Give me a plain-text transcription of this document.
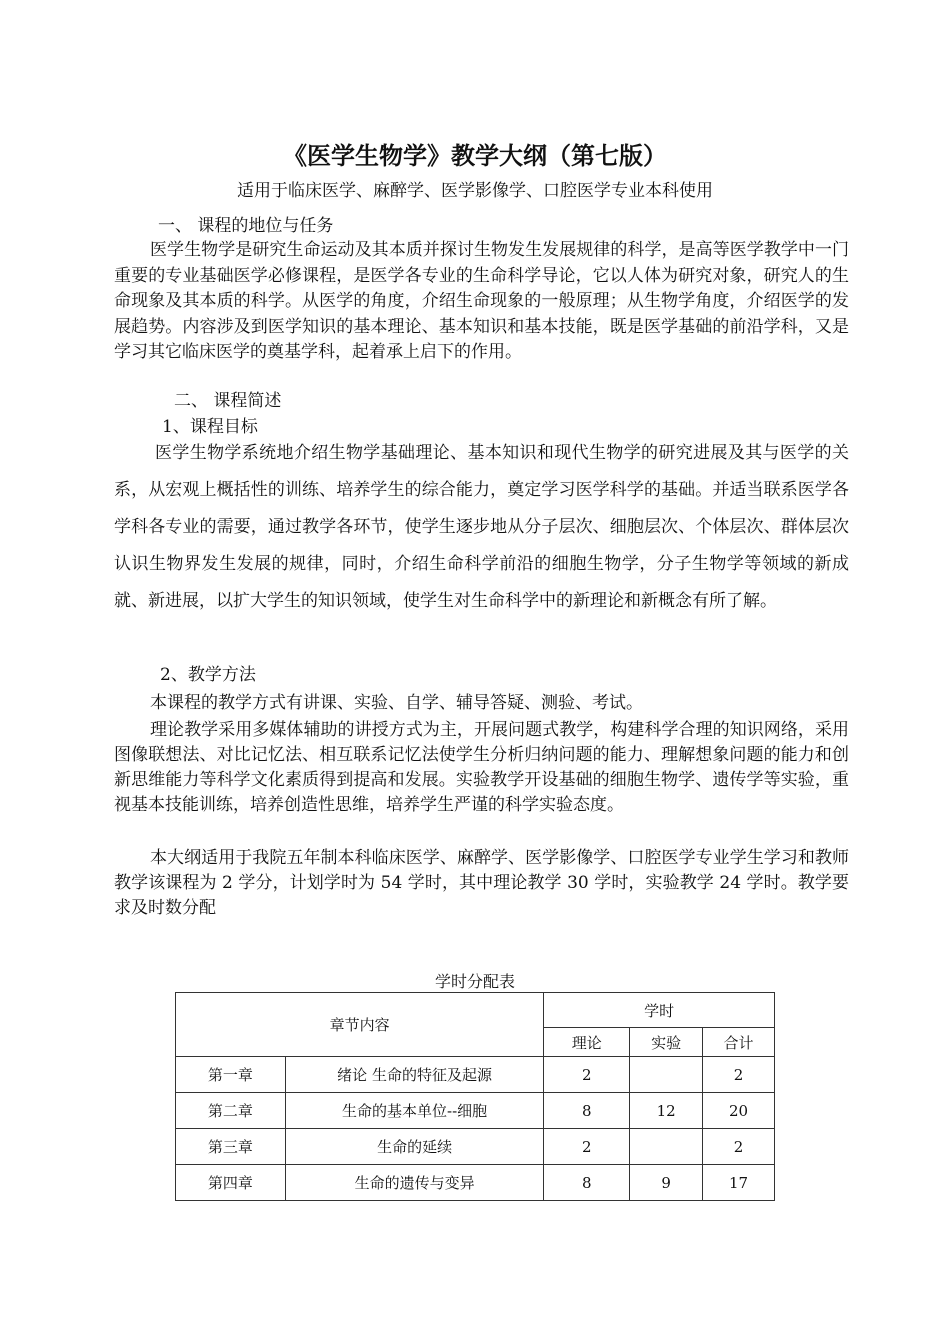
《医学生物学》教学大纲（第七版）
适用于临床医学、麻醉学、医学影像学、口腔医学专业本科使用
一、 课程的地位与任务

医学生物学是研究生命运动及其本质并探讨生物发生发展规律的科学，是高等医学教学中一门重要的专业基础医学必修课程，是医学各专业的生命科学导论，它以人体为研究对象，研究人的生命现象及其本质的科学。从医学的角度，介绍生命现象的一般原理；从生物学角度，介绍医学的发展趋势。内容涉及到医学知识的基本理论、基本知识和基本技能，既是医学基础的前沿学科，又是学习其它临床医学的奠基学科，起着承上启下的作用。

二、 课程简述
1、课程目标

医学生物学系统地介绍生物学基础理论、基本知识和现代生物学的研究进展及其与医学的关系，从宏观上概括性的训练、培养学生的综合能力，奠定学习医学科学的基础。并适当联系医学各学科各专业的需要，通过教学各环节，使学生逐步地从分子层次、细胞层次、个体层次、群体层次认识生物界发生发展的规律，同时，介绍生命科学前沿的细胞生物学，分子生物学等领域的新成就、新进展，以扩大学生的知识领域，使学生对生命科学中的新理论和新概念有所了解。

2、教学方法

本课程的教学方式有讲课、实验、自学、辅导答疑、测验、考试。

理论教学采用多媒体辅助的讲授方式为主，开展问题式教学，构建科学合理的知识网络，采用图像联想法、对比记忆法、相互联系记忆法使学生分析归纳问题的能力、理解想象问题的能力和创新思维能力等科学文化素质得到提高和发展。实验教学开设基础的细胞生物学、遗传学等实验，重视基本技能训练，培养创造性思维，培养学生严谨的科学实验态度。

本大纲适用于我院五年制本科临床医学、麻醉学、医学影像学、口腔医学专业学生学习和教师教学该课程为 2 学分，计划学时为 54 学时，其中理论教学 30 学时，实验教学 24 学时。教学要求及时数分配

学时分配表
章节内容		学时		
		理论	实验	合计
第一章	绪论 生命的特征及起源	2		2
第二章	生命的基本单位--细胞	8	12	20
第三章	生命的延续	2		2
第四章	生命的遗传与变异	8	9	17
